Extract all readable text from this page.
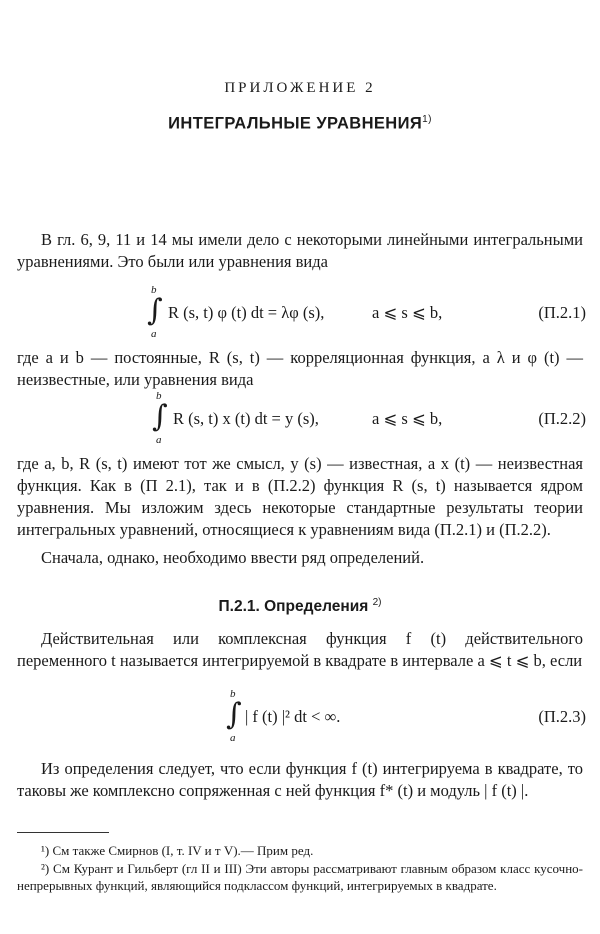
ПРИЛОЖЕНИЕ 2
ИНТЕГРАЛЬНЫЕ УРАВНЕНИЯ$^{1)}$
В гл. 6, 9, 11 и 14 мы имели дело с некоторыми линейными интегральными уравнениями. Это были или уравнения вида
b
∫
a
R (s, t) φ (t) dt = λφ (s),	a ⩽ s ⩽ b,	(П.2.1)
где a и b — постоянные, R (s, t) — корреляционная функция, а λ и φ (t) — неизвестные, или уравнения вида
b
∫
a
R (s, t) x (t) dt = y (s),	a ⩽ s ⩽ b,	(П.2.2)
где a, b, R (s, t) имеют тот же смысл, y (s) — известная, а x (t) — неизвестная функция. Как в (П 2.1), так и в (П.2.2) функция R (s, t) называется ядром уравнения. Мы изложим здесь некоторые стандартные результаты теории интегральных уравнений, относящиеся к уравнениям вида (П.2.1) и (П.2.2).
Сначала, однако, необходимо ввести ряд определений.
П.2.1. Определения $^{2)}$
Действительная или комплексная функция f (t) действительного переменного t называется интегрируемой в квадрате в интервале a ⩽ t ⩽ b, если
b
∫
a
| f (t) |² dt < ∞.	(П.2.3)
Из определения следует, что если функция f (t) интегрируема в квадрате, то таковы же комплексно сопряженная с ней функция f* (t) и модуль | f (t) |.
¹) См также Смирнов (I, т. IV и т V).— Прим ред.
²) См Курант и Гильберт (гл II и III) Эти авторы рассматривают главным образом класс кусочно-непрерывных функций, являющийся подклассом функций, интегрируемых в квадрате.
